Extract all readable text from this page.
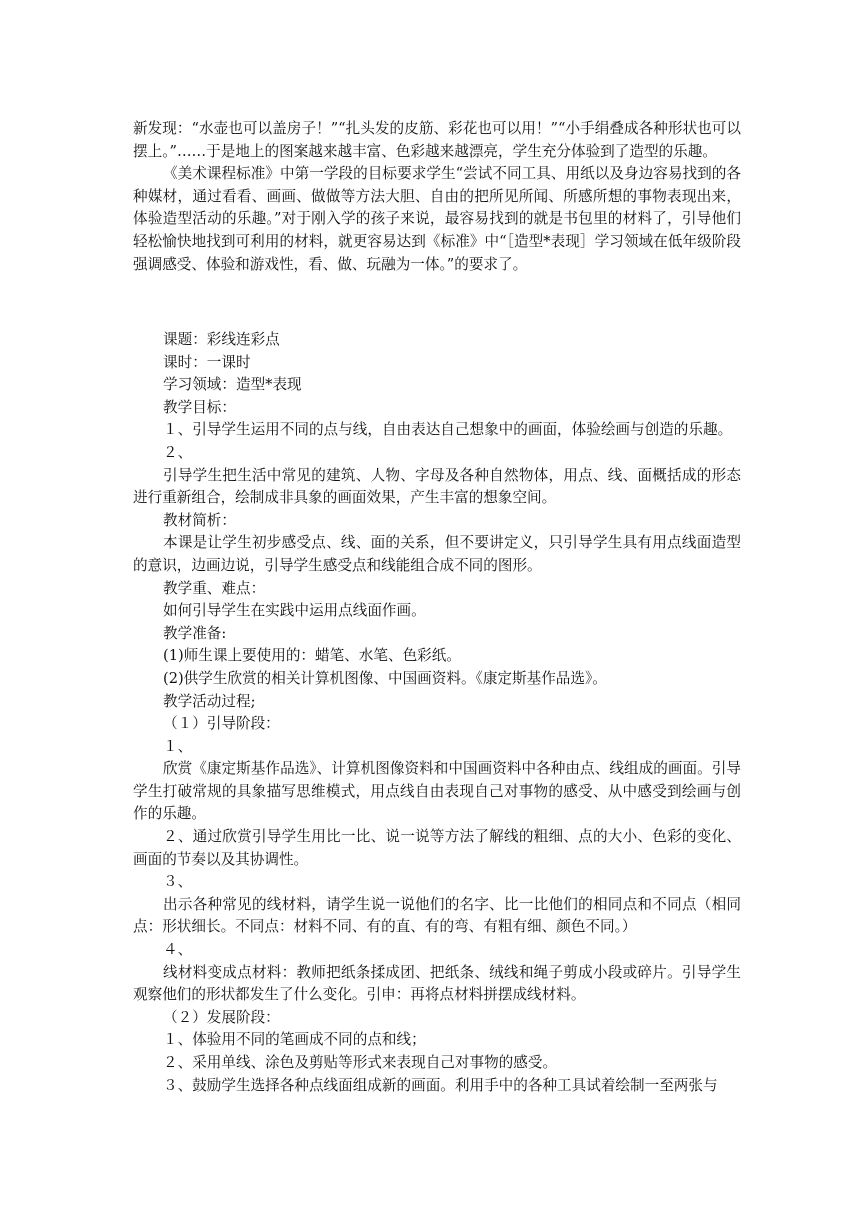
新发现：“水壶也可以盖房子！”“扎头发的皮筋、彩花也可以用！”“小手绢叠成各种形状也可以摆上。”……于是地上的图案越来越丰富、色彩越来越漂亮，学生充分体验到了造型的乐趣。

《美术课程标准》中第一学段的目标要求学生“尝试不同工具、用纸以及身边容易找到的各种媒材，通过看看、画画、做做等方法大胆、自由的把所见所闻、所感所想的事物表现出来，体验造型活动的乐趣。”对于刚入学的孩子来说，最容易找到的就是书包里的材料了，引导他们轻松愉快地找到可利用的材料，就更容易达到《标准》中“［造型*表现］学习领域在低年级阶段强调感受、体验和游戏性，看、做、玩融为一体。”的要求了。

课题：彩线连彩点

课时：一课时

学习领域：造型*表现

教学目标：

１、引导学生运用不同的点与线，自由表达自己想象中的画面，体验绘画与创造的乐趣。

２、

引导学生把生活中常见的建筑、人物、字母及各种自然物体，用点、线、面概括成的形态进行重新组合，绘制成非具象的画面效果，产生丰富的想象空间。

教材简析：

本课是让学生初步感受点、线、面的关系，但不要讲定义，只引导学生具有用点线面造型的意识，边画边说，引导学生感受点和线能组合成不同的图形。

教学重、难点：

如何引导学生在实践中运用点线面作画。

教学准备:

(1)师生课上要使用的：蜡笔、水笔、色彩纸。

(2)供学生欣赏的相关计算机图像、中国画资料。《康定斯基作品选》。

教学活动过程;

（１）引导阶段：

１、

欣赏《康定斯基作品选》、计算机图像资料和中国画资料中各种由点、线组成的画面。引导学生打破常规的具象描写思维模式，用点线自由表现自己对事物的感受、从中感受到绘画与创作的乐趣。

２、通过欣赏引导学生用比一比、说一说等方法了解线的粗细、点的大小、色彩的变化、画面的节奏以及其协调性。

３、

出示各种常见的线材料，请学生说一说他们的名字、比一比他们的相同点和不同点（相同点：形状细长。不同点：材料不同、有的直、有的弯、有粗有细、颜色不同。）

４、

线材料变成点材料：教师把纸条揉成团、把纸条、绒线和绳子剪成小段或碎片。引导学生观察他们的形状都发生了什么变化。引申：再将点材料拼摆成线材料。

（２）发展阶段：

１、体验用不同的笔画成不同的点和线；

２、采用单线、涂色及剪贴等形式来表现自己对事物的感受。

３、鼓励学生选择各种点线面组成新的画面。利用手中的各种工具试着绘制一至两张与
